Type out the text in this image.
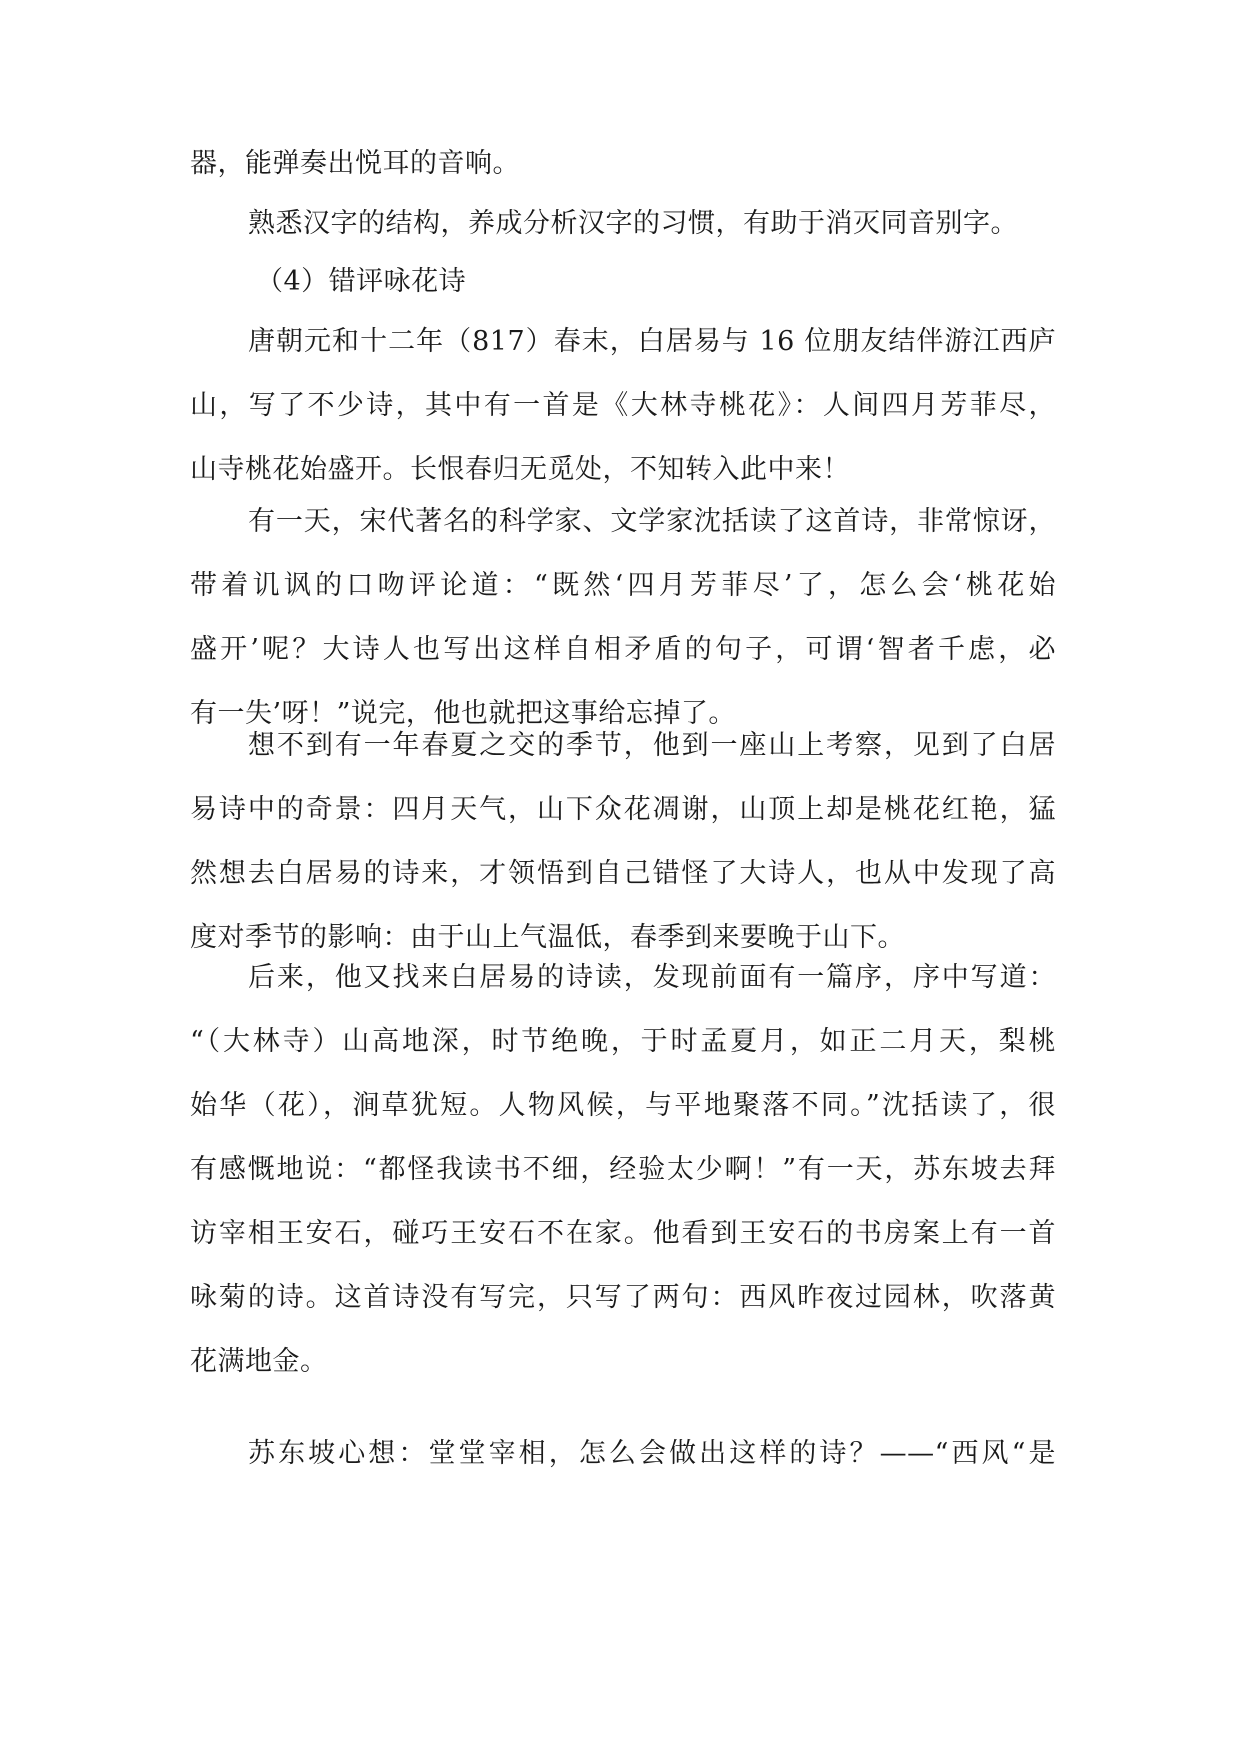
器，能弹奏出悦耳的音响。
熟悉汉字的结构，养成分析汉字的习惯，有助于消灭同音别字。
（4）错评咏花诗
唐朝元和十二年（817）春末，白居易与 16 位朋友结伴游江西庐
山，写了不少诗，其中有一首是《大林寺桃花》：人间四月芳菲尽，
山寺桃花始盛开。长恨春归无觅处，不知转入此中来！
有一天，宋代著名的科学家、文学家沈括读了这首诗，非常惊讶，
带着讥讽的口吻评论道：“既然‘四月芳菲尽’了，怎么会‘桃花始
盛开’呢？大诗人也写出这样自相矛盾的句子，可谓‘智者千虑，必
有一失’呀！”说完，他也就把这事给忘掉了。
想不到有一年春夏之交的季节，他到一座山上考察，见到了白居
易诗中的奇景：四月天气，山下众花凋谢，山顶上却是桃花红艳，猛
然想去白居易的诗来，才领悟到自己错怪了大诗人，也从中发现了高
度对季节的影响：由于山上气温低，春季到来要晚于山下。
后来，他又找来白居易的诗读，发现前面有一篇序，序中写道：
“（大林寺）山高地深，时节绝晚，于时孟夏月，如正二月天，梨桃
始华（花），涧草犹短。人物风候，与平地聚落不同。”沈括读了，很
有感慨地说：“都怪我读书不细，经验太少啊！”有一天，苏东坡去拜
访宰相王安石，碰巧王安石不在家。他看到王安石的书房案上有一首
咏菊的诗。这首诗没有写完，只写了两句：西风昨夜过园林，吹落黄
花满地金。
苏东坡心想：堂堂宰相，怎么会做出这样的诗？——“西风“是
